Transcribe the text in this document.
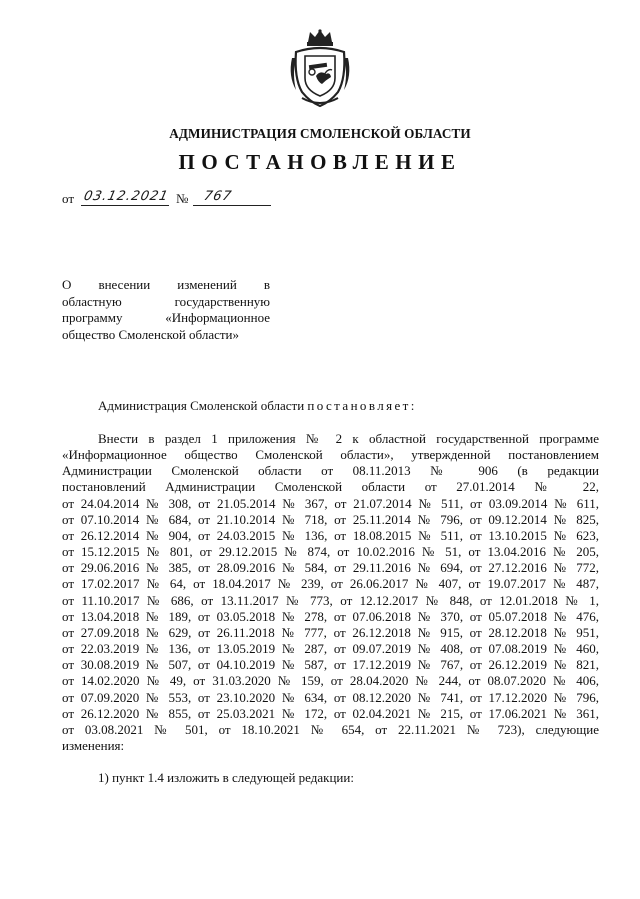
АДМИНИСТРАЦИЯ СМОЛЕНСКОЙ ОБЛАСТИ
ПОСТАНОВЛЕНИЕ
от 03.12.2021 № 767
О внесении изменений в
областную государственную
программу «Информационное
общество Смоленской области»
Администрация Смоленской области постановляет:
Внести в раздел 1 приложения № 2 к областной государственной программе
«Информационное общество Смоленской области», утвержденной постановлением
Администрации Смоленской области от 08.11.2013 № 906 (в редакции
постановлений Администрации Смоленской области от 27.01.2014 № 22,
от 24.04.2014 № 308, от 21.05.2014 № 367, от 21.07.2014 № 511, от 03.09.2014 № 611,
от 07.10.2014 № 684, от 21.10.2014 № 718, от 25.11.2014 № 796, от 09.12.2014 № 825,
от 26.12.2014 № 904, от 24.03.2015 № 136, от 18.08.2015 № 511, от 13.10.2015 № 623,
от 15.12.2015 № 801, от 29.12.2015 № 874, от 10.02.2016 № 51, от 13.04.2016 № 205,
от 29.06.2016 № 385, от 28.09.2016 № 584, от 29.11.2016 № 694, от 27.12.2016 № 772,
от 17.02.2017 № 64, от 18.04.2017 № 239, от 26.06.2017 № 407, от 19.07.2017 № 487,
от 11.10.2017 № 686, от 13.11.2017 № 773, от 12.12.2017 № 848, от 12.01.2018 № 1,
от 13.04.2018 № 189, от 03.05.2018 № 278, от 07.06.2018 № 370, от 05.07.2018 № 476,
от 27.09.2018 № 629, от 26.11.2018 № 777, от 26.12.2018 № 915, от 28.12.2018 № 951,
от 22.03.2019 № 136, от 13.05.2019 № 287, от 09.07.2019 № 408, от 07.08.2019 № 460,
от 30.08.2019 № 507, от 04.10.2019 № 587, от 17.12.2019 № 767, от 26.12.2019 № 821,
от 14.02.2020 № 49, от 31.03.2020 № 159, от 28.04.2020 № 244, от 08.07.2020 № 406,
от 07.09.2020 № 553, от 23.10.2020 № 634, от 08.12.2020 № 741, от 17.12.2020 № 796,
от 26.12.2020 № 855, от 25.03.2021 № 172, от 02.04.2021 № 215, от 17.06.2021 № 361,
от 03.08.2021 № 501, от 18.10.2021 № 654, от 22.11.2021 № 723), следующие
изменения:
1) пункт 1.4 изложить в следующей редакции:
